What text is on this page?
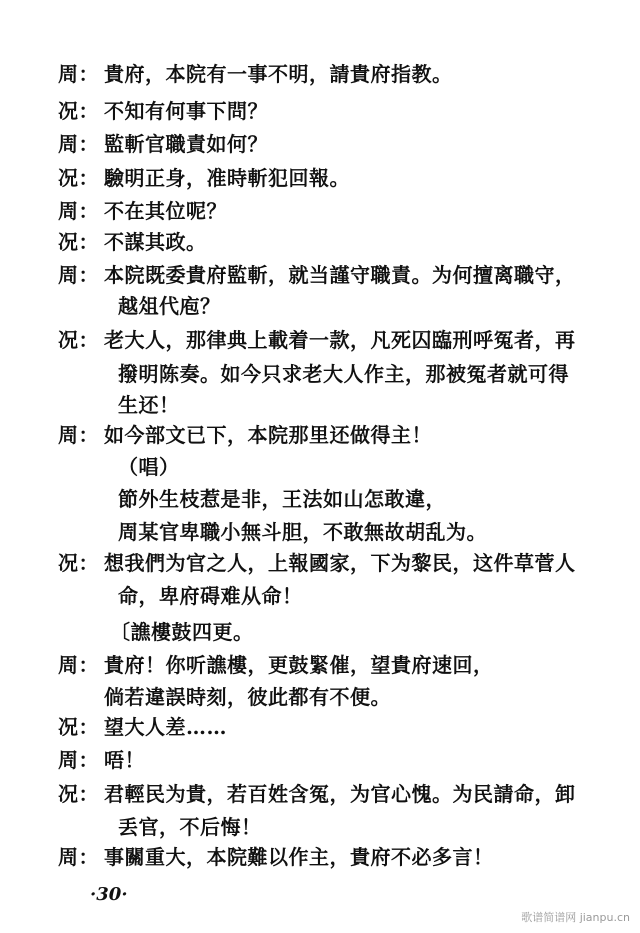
周： 貴府，本院有一事不明，請貴府指教。
况： 不知有何事下問？
周： 監斬官職責如何？
况： 驗明正身，准時斬犯回報。
周： 不在其位呢？
况： 不謀其政。
周： 本院既委貴府監斬，就当謹守職責。为何擅离職守，
越俎代庖？
况： 老大人，那律典上載着一款，凡死囚臨刑呼冤者，再
撥明陈奏。如今只求老大人作主，那被冤者就可得
生还！
周： 如今部文已下，本院那里还做得主！
（唱）
節外生枝惹是非，王法如山怎敢違，
周某官卑職小無斗胆，不敢無故胡乱为。
况： 想我們为官之人，上報國家，下为黎民，这件草菅人
命，卑府碍难从命！
〔譙樓鼓四更。
周： 貴府！你听譙樓，更鼓緊催，望貴府速回，
倘若違誤時刻，彼此都有不便。
况： 望大人差……
周： 唔！
况： 君輕民为貴，若百姓含冤，为官心愧。为民請命，卸
丢官，不后悔！
周： 事關重大，本院難以作主，貴府不必多言！
·30·
歌谱简谱网 jianpu.cn
